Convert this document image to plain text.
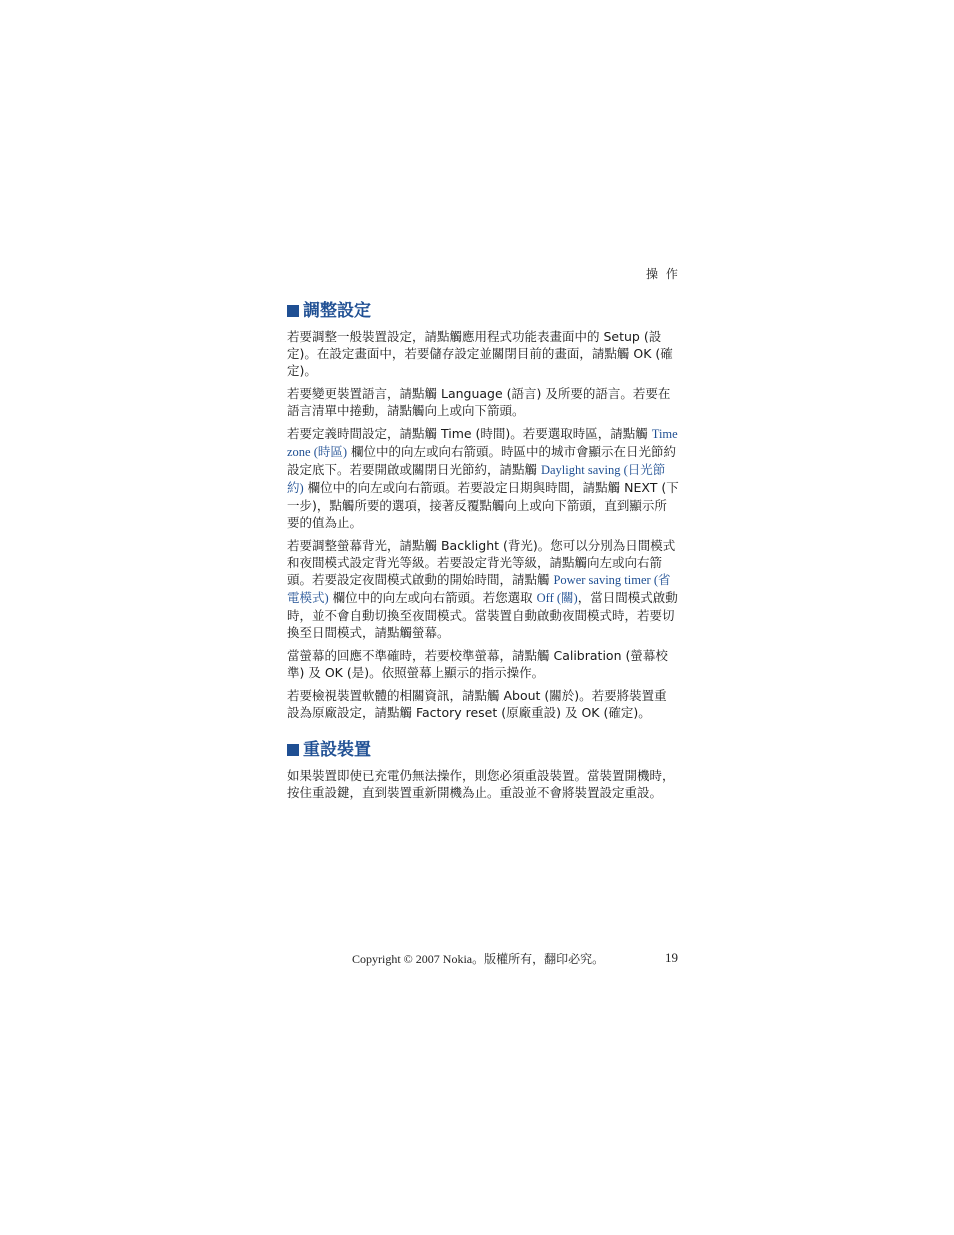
操 作
調整設定

若要調整一般裝置設定，請點觸應用程式功能表畫面中的 Setup (設定)。在設定畫面中，若要儲存設定並關閉目前的畫面，請點觸 OK (確定)。

若要變更裝置語言，請點觸 Language (語言) 及所要的語言。若要在語言清單中捲動，請點觸向上或向下箭頭。

若要定義時間設定，請點觸 Time (時間)。若要選取時區，請點觸 Time zone (時區) 欄位中的向左或向右箭頭。時區中的城市會顯示在日光節約設定底下。若要開啟或關閉日光節約，請點觸 Daylight saving (日光節約) 欄位中的向左或向右箭頭。若要設定日期與時間，請點觸 NEXT (下一步)，點觸所要的選項，接著反覆點觸向上或向下箭頭，直到顯示所要的值為止。

若要調整螢幕背光，請點觸 Backlight (背光)。您可以分別為日間模式和夜間模式設定背光等級。若要設定背光等級，請點觸向左或向右箭頭。若要設定夜間模式啟動的開始時間，請點觸 Power saving timer (省電模式) 欄位中的向左或向右箭頭。若您選取 Off (關)，當日間模式啟動時，並不會自動切換至夜間模式。當裝置自動啟動夜間模式時，若要切換至日間模式，請點觸螢幕。

當螢幕的回應不準確時，若要校準螢幕，請點觸 Calibration (螢幕校準) 及 OK (是)。依照螢幕上顯示的指示操作。

若要檢視裝置軟體的相關資訊，請點觸 About (關於)。若要將裝置重設為原廠設定，請點觸 Factory reset (原廠重設) 及 OK (確定)。

重設裝置

如果裝置即使已充電仍無法操作，則您必須重設裝置。當裝置開機時，按住重設鍵，直到裝置重新開機為止。重設並不會將裝置設定重設。

Copyright © 2007 Nokia。版權所有，翻印必究。	19
